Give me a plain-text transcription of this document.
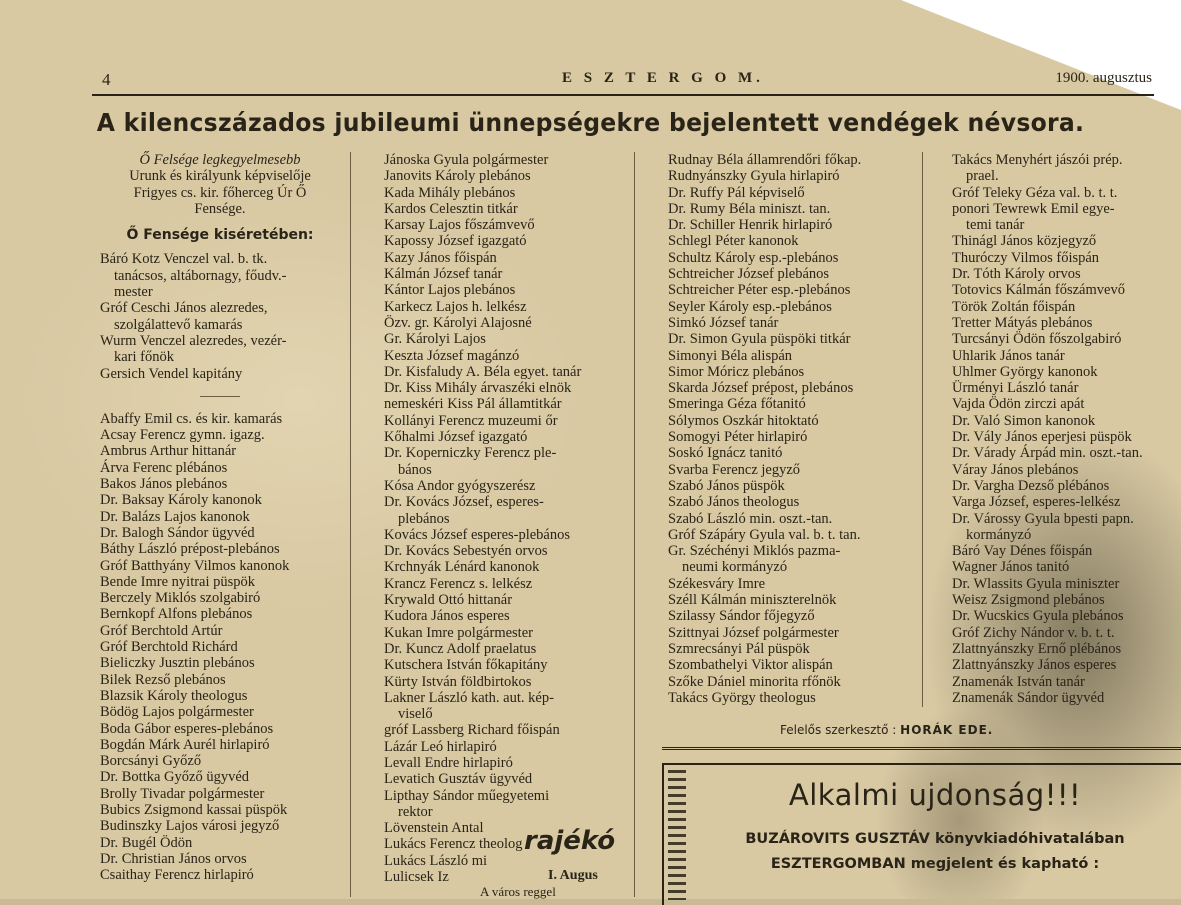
4	E S Z T E R G O M.	1900. augusztus
A kilencszázados jubileumi ünnepségekre bejelentett vendégek névsora.
Ő Felsége legkegyelmesebb
Urunk és királyunk képviselője
Frigyes cs. kir. főherceg Úr Ő
Fensége.
Ő Fensége kiséretében:
Báró Kotz Venczel val. b. tk.
tanácsos, altábornagy, főudv.-
mester
Gróf Ceschi János alezredes,
szolgálattevő kamarás
Wurm Venczel alezredes, vezér-
kari főnök
Gersich Vendel kapitány
Abaffy Emil cs. és kir. kamarás
Acsay Ferencz gymn. igazg.
Ambrus Arthur hittanár
Árva Ferenc plébános
Bakos János plebános
Dr. Baksay Károly kanonok
Dr. Balázs Lajos kanonok
Dr. Balogh Sándor ügyvéd
Báthy László prépost-plebános
Gróf Batthyány Vilmos kanonok
Bende Imre nyitrai püspök
Berczely Miklós szolgabiró
Bernkopf Alfons plebános
Gróf Berchtold Artúr
Gróf Berchtold Richárd
Bieliczky Jusztin plebános
Bilek Rezső plebános
Blazsik Károly theologus
Bödög Lajos polgármester
Boda Gábor esperes-plebános
Bogdán Márk Aurél hirlapiró
Borcsányi Győző
Dr. Bottka Győző ügyvéd
Brolly Tivadar polgármester
Bubics Zsigmond kassai püspök
Budinszky Lajos városi jegyző
Dr. Bugél Ödön
Dr. Christian János orvos
Csaithay Ferencz hirlapiró
Jánoska Gyula polgármester
Janovits Károly plebános
Kada Mihály plebános
Kardos Celesztin titkár
Karsay Lajos főszámvevő
Kapossy József igazgató
Kazy János főispán
Kálmán József tanár
Kántor Lajos plebános
Karkecz Lajos h. lelkész
Özv. gr. Károlyi Alajosné
Gr. Károlyi Lajos
Keszta József magánzó
Dr. Kisfaludy A. Béla egyet. tanár
Dr. Kiss Mihály árvaszéki elnök
nemeskéri Kiss Pál államtitkár
Kollányi Ferencz muzeumi őr
Kőhalmi József igazgató
Dr. Koperniczky Ferencz ple-
bános
Kósa Andor gyógyszerész
Dr. Kovács József, esperes-
plebános
Kovács József esperes-plebános
Dr. Kovács Sebestyén orvos
Krchnyák Lénárd kanonok
Krancz Ferencz s. lelkész
Krywald Ottó hittanár
Kudora János esperes
Kukan Imre polgármester
Dr. Kuncz Adolf praelatus
Kutschera István főkapitány
Kürty István földbirtokos
Lakner László kath. aut. kép-
viselő
gróf Lassberg Richard főispán
Lázár Leó hirlapiró
Levall Endre hirlapiró
Levatich Gusztáv ügyvéd
Lipthay Sándor műegyetemi
rektor
Lövenstein Antal
Lukács Ferencz theolog
Lukács László mi
Lulicsek Iz
Rudnay Béla államrendőri főkap.
Rudnyánszky Gyula hirlapiró
Dr. Ruffy Pál képviselő
Dr. Rumy Béla miniszt. tan.
Dr. Schiller Henrik hirlapiró
Schlegl Péter kanonok
Schultz Károly esp.-plebános
Schtreicher József plebános
Schtreicher Péter esp.-plebános
Seyler Károly esp.-plebános
Simkó József tanár
Dr. Simon Gyula püspöki titkár
Simonyi Béla alispán
Simor Móricz plebános
Skarda József prépost, plebános
Smeringa Géza főtanitó
Sólymos Oszkár hitoktató
Somogyi Péter hirlapiró
Soskó Ignácz tanitó
Svarba Ferencz jegyző
Szabó János püspök
Szabó János theologus
Szabó László min. oszt.-tan.
Gróf Szápáry Gyula val. b. t. tan.
Gr. Széchényi Miklós pazma-
neumi kormányzó
Székesváry Imre
Széll Kálmán miniszterelnök
Szilassy Sándor főjegyző
Szittnyai József polgármester
Szmrecsányi Pál püspök
Szombathelyi Viktor alispán
Szőke Dániel minorita rfőnök
Takács György theologus
Takács Menyhért jászói prép.
prael.
Gróf Teleky Géza val. b. t. t.
ponori Tewrewk Emil egye-
temi tanár
Thinágl János közjegyző
Thuróczy Vilmos főispán
Dr. Tóth Károly orvos
Totovics Kálmán főszámvevő
Török Zoltán főispán
Tretter Mátyás plebános
Turcsányi Ödön főszolgabiró
Uhlarik János tanár
Uhlmer György kanonok
Ürményi László tanár
Vajda Ödön zirczi apát
Dr. Való Simon kanonok
Dr. Vály János eperjesi püspök
Dr. Várady Árpád min. oszt.-tan.
Váray János plebános
Dr. Vargha Dezső plébános
Varga József, esperes-lelkész
Dr. Várossy Gyula bpesti papn.
kormányzó
Báró Vay Dénes főispán
Wagner János tanitó
Dr. Wlassits Gyula miniszter
Weisz Zsigmond plebános
Dr. Wucskics Gyula plebános
Gróf Zichy Nándor v. b. t. t.
Zlattnyánszky Ernő plébános
Zlattnyánszky János esperes
Znamenák István tanár
Znamenák Sándor ügyvéd
Felelős szerkesztő : HORÁK EDE.
Alkalmi ujdonság!!!
BUZÁROVITS GUSZTÁV könyvkiadóhivatalában
ESZTERGOMBAN megjelent és kapható :
rajékó
I. Augus
A város reggel
